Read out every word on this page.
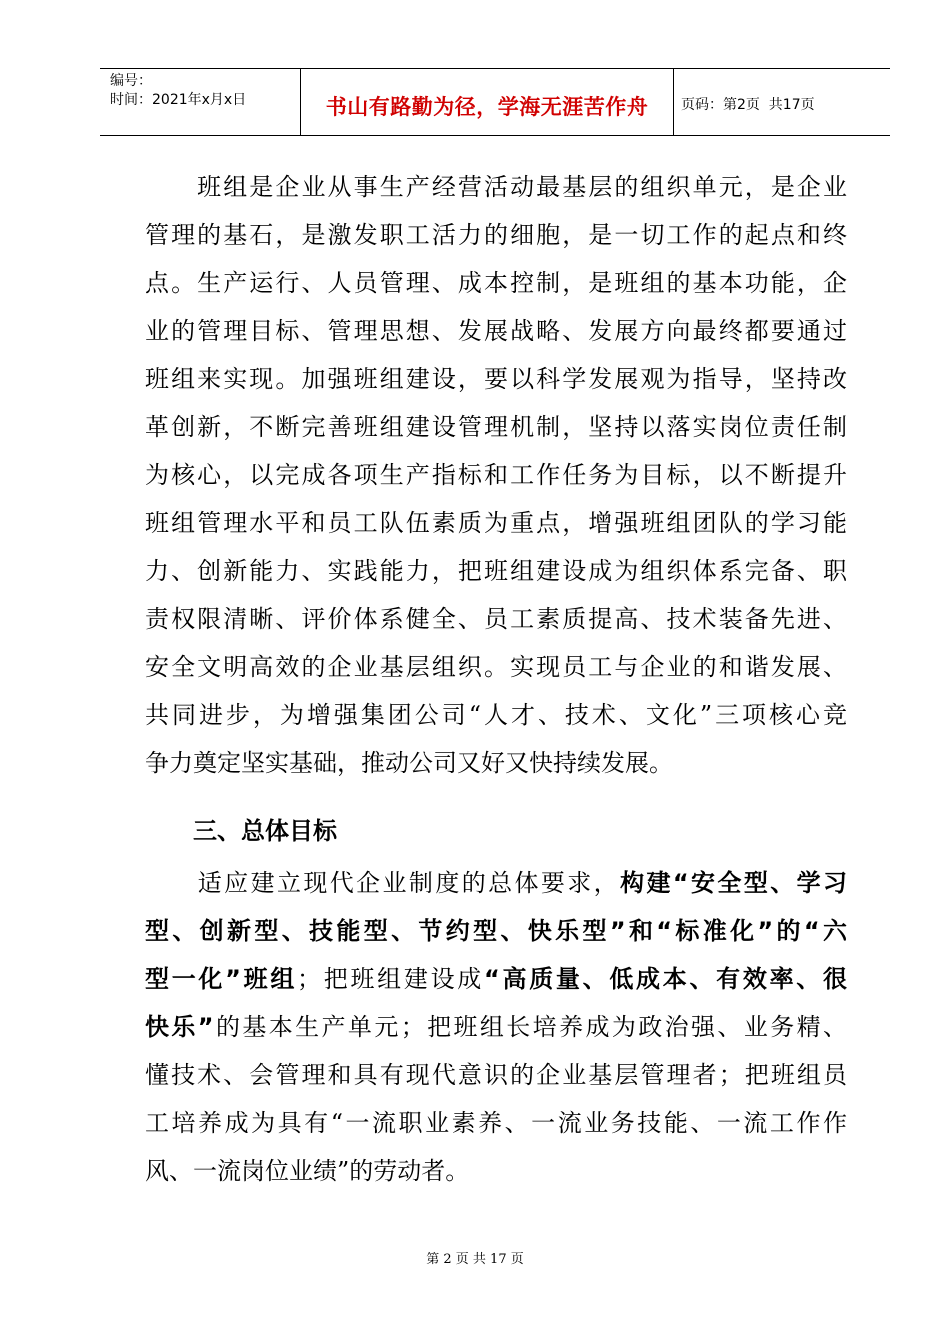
编号：
时间：2021年x月x日	书山有路勤为径，学海无涯苦作舟	页码：第2页  共17页
　　班组是企业从事生产经营活动最基层的组织单元，是企业
管理的基石，是激发职工活力的细胞，是一切工作的起点和终
点。生产运行、人员管理、成本控制，是班组的基本功能，企
业的管理目标、管理思想、发展战略、发展方向最终都要通过
班组来实现。加强班组建设，要以科学发展观为指导，坚持改
革创新，不断完善班组建设管理机制，坚持以落实岗位责任制
为核心，以完成各项生产指标和工作任务为目标，以不断提升
班组管理水平和员工队伍素质为重点，增强班组团队的学习能
力、创新能力、实践能力，把班组建设成为组织体系完备、职
责权限清晰、评价体系健全、员工素质提高、技术装备先进、
安全文明高效的企业基层组织。实现员工与企业的和谐发展、
共同进步，为增强集团公司“人才、技术、文化”三项核心竞
争力奠定坚实基础，推动公司又好又快持续发展。
三、总体目标
　　适应建立现代企业制度的总体要求，构建“安全型、学习
型、创新型、技能型、节约型、快乐型”和“标准化”的“六
型一化”班组；把班组建设成“高质量、低成本、有效率、很
快乐”的基本生产单元；把班组长培养成为政治强、业务精、
懂技术、会管理和具有现代意识的企业基层管理者；把班组员
工培养成为具有“一流职业素养、一流业务技能、一流工作作
风、一流岗位业绩”的劳动者。
第 2 页 共 17 页
